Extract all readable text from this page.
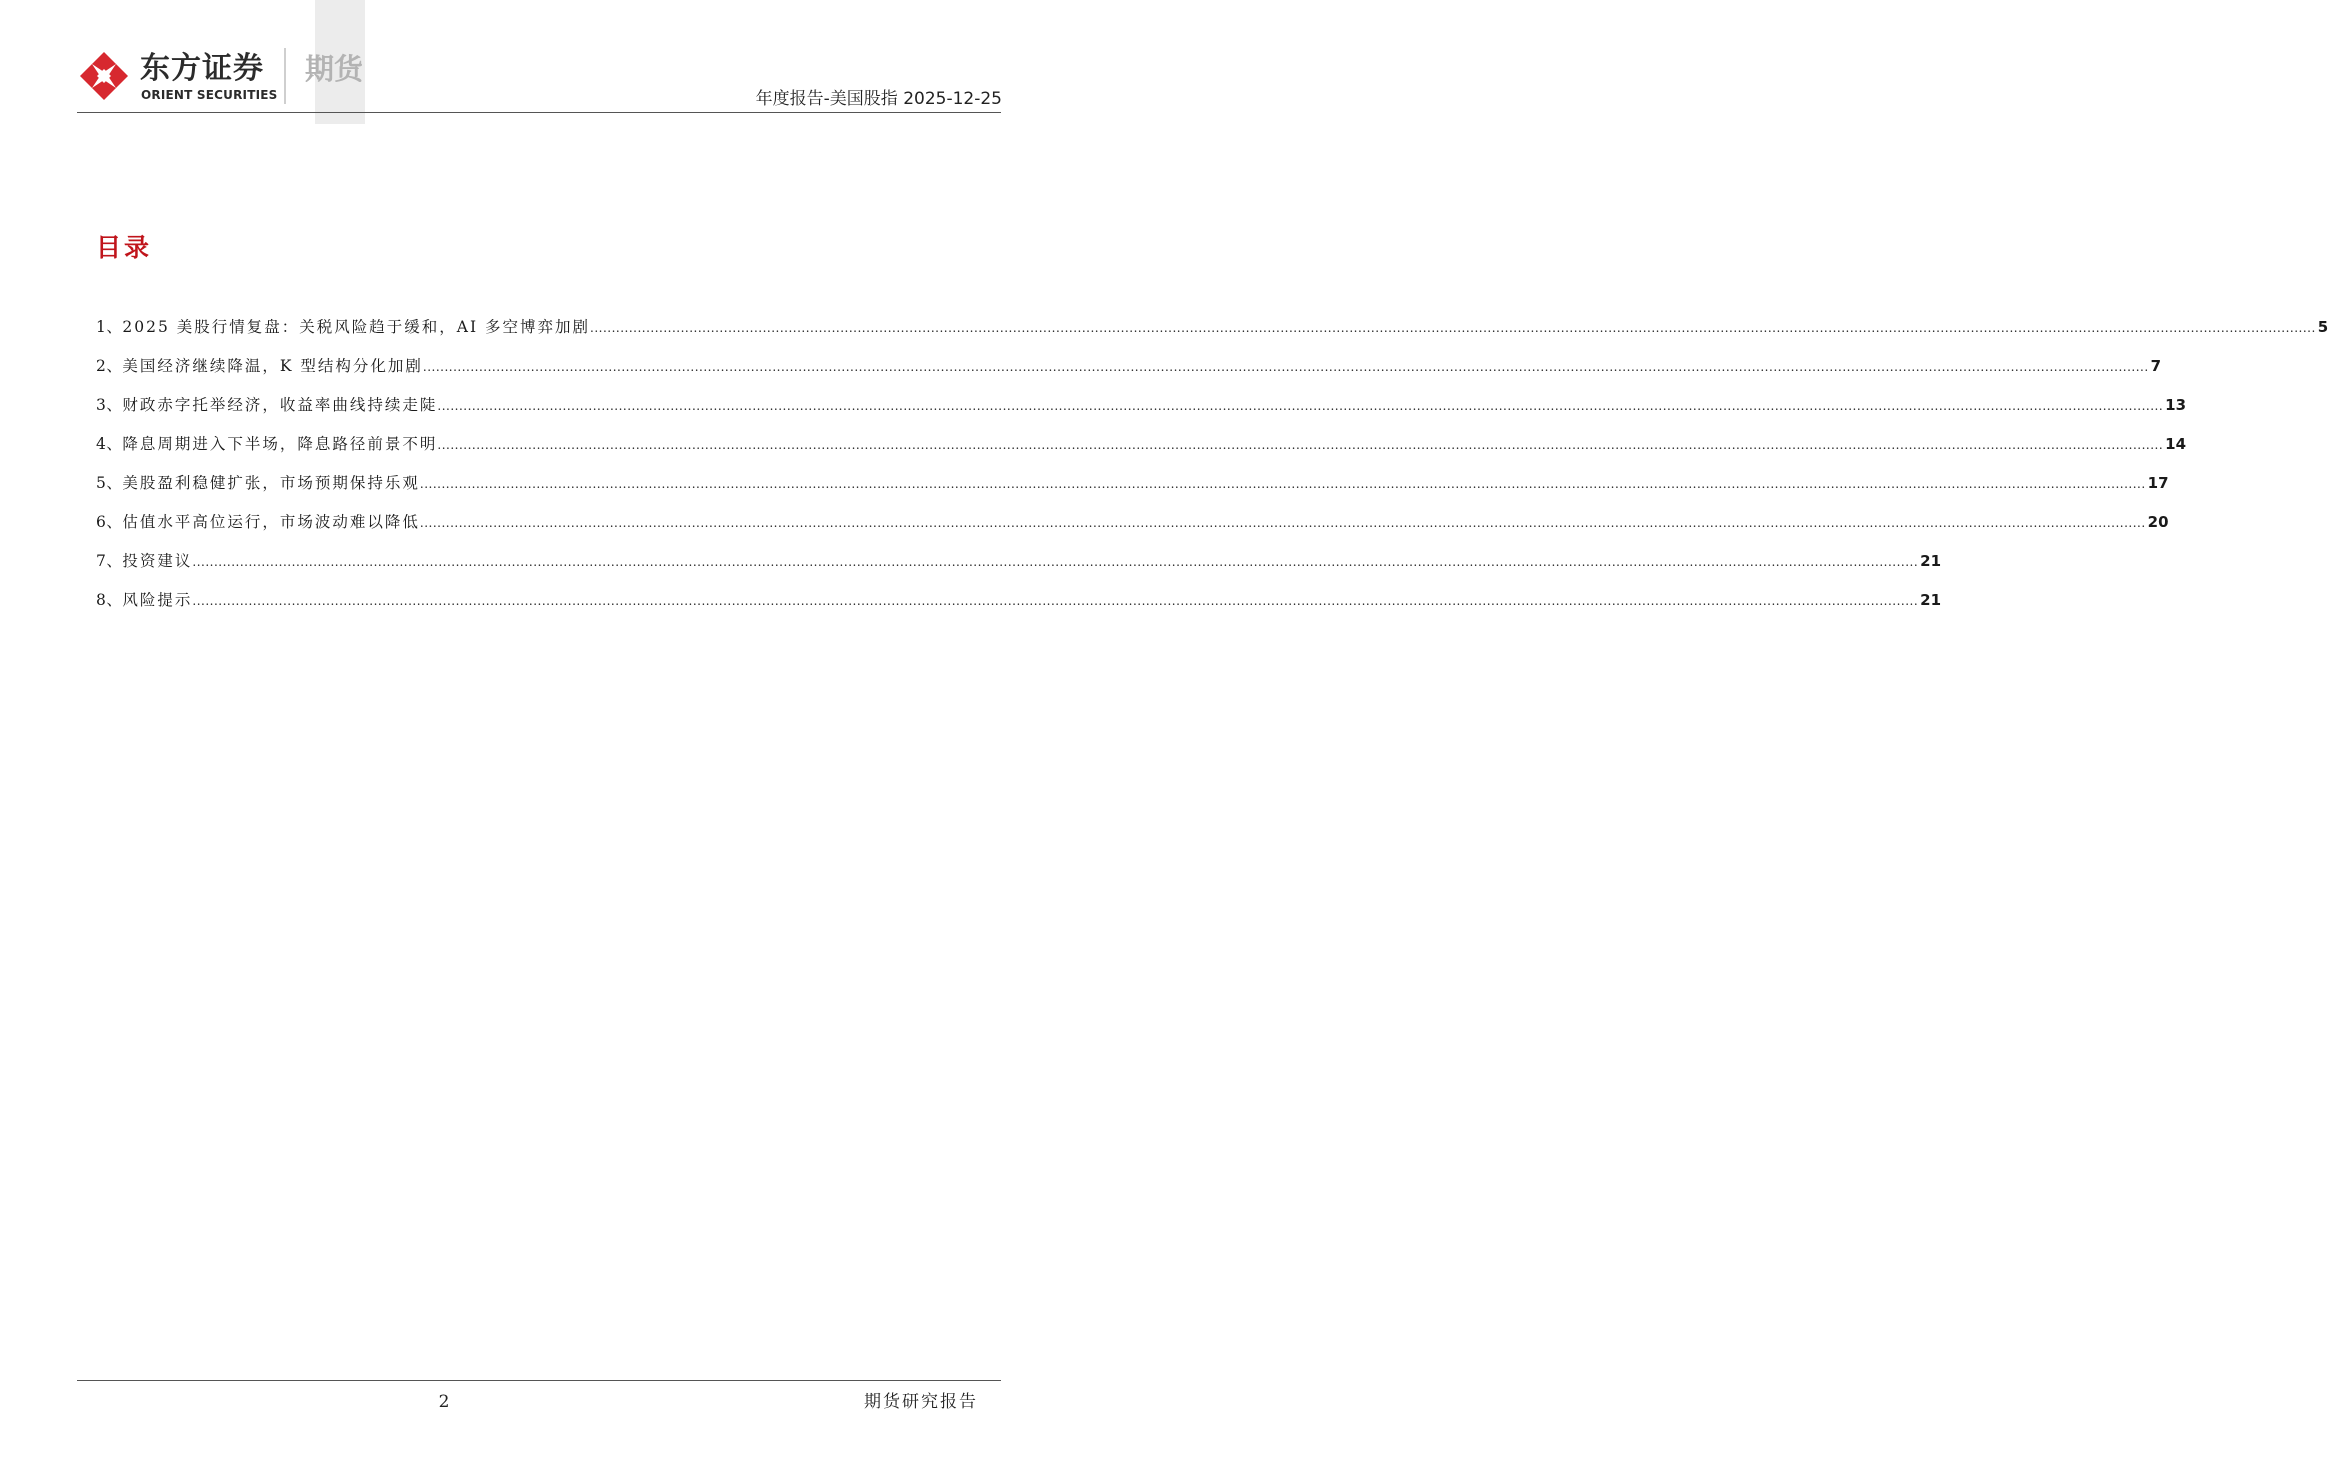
东方证券
ORIENT SECURITIES
期货
年度报告-美国股指 2025-12-25
目录
1、 2025 美股行情复盘：关税风险趋于缓和，AI 多空博弈加剧 ................................................................................................................................................................................................................................................................................................................................................................................................................ 5
2、 美国经济继续降温，K 型结构分化加剧 ................................................................................................................................................................................................................................................................................................................................................................................................................ 7
3、 财政赤字托举经济，收益率曲线持续走陡 ................................................................................................................................................................................................................................................................................................................................................................................................................ 13
4、 降息周期进入下半场，降息路径前景不明 ................................................................................................................................................................................................................................................................................................................................................................................................................ 14
5、 美股盈利稳健扩张，市场预期保持乐观 ................................................................................................................................................................................................................................................................................................................................................................................................................ 17
6、 估值水平高位运行，市场波动难以降低 ................................................................................................................................................................................................................................................................................................................................................................................................................ 20
7、 投资建议 ................................................................................................................................................................................................................................................................................................................................................................................................................ 21
8、 风险提示 ................................................................................................................................................................................................................................................................................................................................................................................................................ 21
2	期货研究报告
